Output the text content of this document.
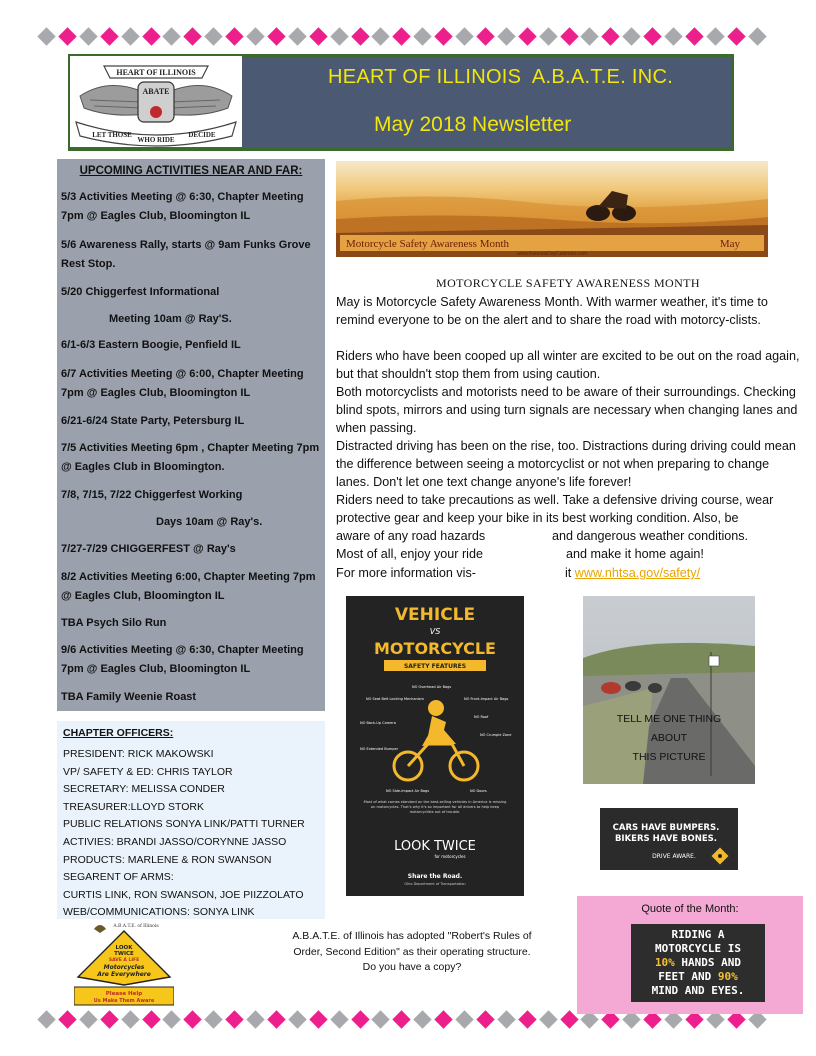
HEART OF ILLINOIS
ABATE
LET THOSE
WHO RIDE
DECIDE
HEART OF ILLINOIS  A.B.A.T.E. INC.
May 2018 Newsletter
UPCOMING ACTIVITIES NEAR AND FAR:
5/3 Activities Meeting @ 6:30, Chapter Meeting 7pm @ Eagles Club, Bloomington IL
5/6 Awareness Rally, starts @ 9am Funks Grove Rest Stop.
5/20 Chiggerfest Informational
Meeting 10am @ Ray'S.
6/1-6/3 Eastern Boogie, Penfield IL
6/7 Activities Meeting @ 6:00, Chapter Meeting 7pm @ Eagles Club, Bloomington IL
6/21-6/24 State Party, Petersburg IL
7/5 Activities Meeting 6pm , Chapter Meeting 7pm @ Eagles Club in Bloomington.
7/8, 7/15, 7/22 Chiggerfest Working
Days 10am @ Ray's.
7/27-7/29 CHIGGERFEST @ Ray's
8/2 Activities Meeting 6:00, Chapter Meeting 7pm @ Eagles Club, Bloomington IL
TBA Psych Silo Run
9/6 Activities Meeting @ 6:30, Chapter Meeting 7pm @ Eagles Club, Bloomington IL
TBA Family Weenie Roast
CHAPTER OFFICERS:
PRESIDENT: RICK MAKOWSKI
VP/ SAFETY & ED: CHRIS TAYLOR
SECRETARY: MELISSA CONDER
TREASURER:LLOYD STORK
PUBLIC RELATIONS SONYA LINK/PATTI TURNER
ACTIVIES: BRANDI JASSO/CORYNNE JASSO
PRODUCTS: MARLENE & RON SWANSON
SEGARENT OF ARMS:
CURTIS LINK, RON SWANSON, JOE PIIZZOLATO
WEB/COMMUNICATIONS: SONYA LINK
Motorcycle Safety Awareness Month	May
www.NationalDayCalendar.com
MOTORCYCLE SAFETY AWARENESS MONTH
May is Motorcycle Safety Awareness Month. With warmer weather, it's time to remind everyone to be on the alert and to share the road with motorcy-clists.
Riders who have been cooped up all winter are excited to be out on the road again, but that shouldn't stop them from using caution.
Both motorcyclists and motorists need to be aware of their surroundings. Checking blind spots, mirrors and using turn signals are necessary when changing lanes and when passing.
Distracted driving has been on the rise, too. Distractions during driving could mean the difference between seeing a motorcyclist or not when preparing to change lanes. Don't let one text change anyone's life forever!
Riders need to take precautions as well. Take a defensive driving course, wear protective gear and keep your bike in its best working condition. Also, be
aware of any road hazards	and dangerous weather conditions.
Most of all, enjoy your ride	and make it home again!
For more information vis-	it www.nhtsa.gov/safety/
VEHICLE
VS
MOTORCYCLE
SAFETY FEATURES
NO Overhead Air Bags
NO Seat Belt Locking Mechanism	NO Front-Impact Air Bags
NO Back-Up Camera
NO Roof
NO Crumple Zone
NO Extended Bumper
NO Side-Impact Air Bags	NO Doors
Most of what comes standard on the best-selling vehicles in America is missing on motorcycles. That's why it's so important for all drivers to help keep motorcyclists out of trouble.
LOOK TWICE
for motorcycles
Share the Road.
Ohio Department of Transportation
TELL ME ONE THING
ABOUT
THIS PICTURE
CARS HAVE BUMPERS.
BIKERS HAVE BONES.
DRIVE AWARE.
Quote of the Month:
RIDING A
MOTORCYCLE IS
10% HANDS AND
FEET AND 90%
MIND AND EYES.
A.B.A.T.E. of Illinois has adopted "Robert's Rules of Order, Second Edition" as their operating structure. Do you have a copy?
A.B.A.T.E. of Illinois
LOOK
TWICE
SAVE A LIFE
Motorcycles
Are Everywhere
Please Help
Us Make Them Aware
